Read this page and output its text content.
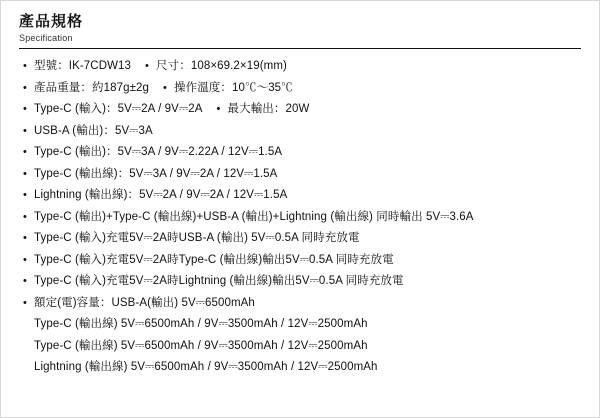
產品規格
Specification
• 型號：IK-7CDW13 • 尺寸：108×69.2×19(mm)
• 產品重量：約187g±2g • 操作溫度：10℃～35℃
• Type-C (輸入)：5V⎓2A / 9V⎓2A • 最大輸出：20W
• USB-A (輸出)：5V⎓3A
• Type-C (輸出)：5V⎓3A / 9V⎓2.22A / 12V⎓1.5A
• Type-C (輸出線)：5V⎓3A / 9V⎓2A / 12V⎓1.5A
• Lightning (輸出線)：5V⎓2A / 9V⎓2A / 12V⎓1.5A
• Type-C (輸出)+Type-C (輸出線)+USB-A (輸出)+Lightning (輸出線) 同時輸出 5V⎓3.6A
• Type-C (輸入)充電5V⎓2A時USB-A (輸出) 5V⎓0.5A 同時充放電
• Type-C (輸入)充電5V⎓2A時Type-C (輸出線)輸出5V⎓0.5A 同時充放電
• Type-C (輸入)充電5V⎓2A時Lightning (輸出線)輸出5V⎓0.5A 同時充放電
• 額定(電)容量：USB-A(輸出) 5V⎓6500mAh
Type-C (輸出線) 5V⎓6500mAh / 9V⎓3500mAh / 12V⎓2500mAh
Type-C (輸出線) 5V⎓6500mAh / 9V⎓3500mAh / 12V⎓2500mAh
Lightning (輸出線) 5V⎓6500mAh / 9V⎓3500mAh / 12V⎓2500mAh
